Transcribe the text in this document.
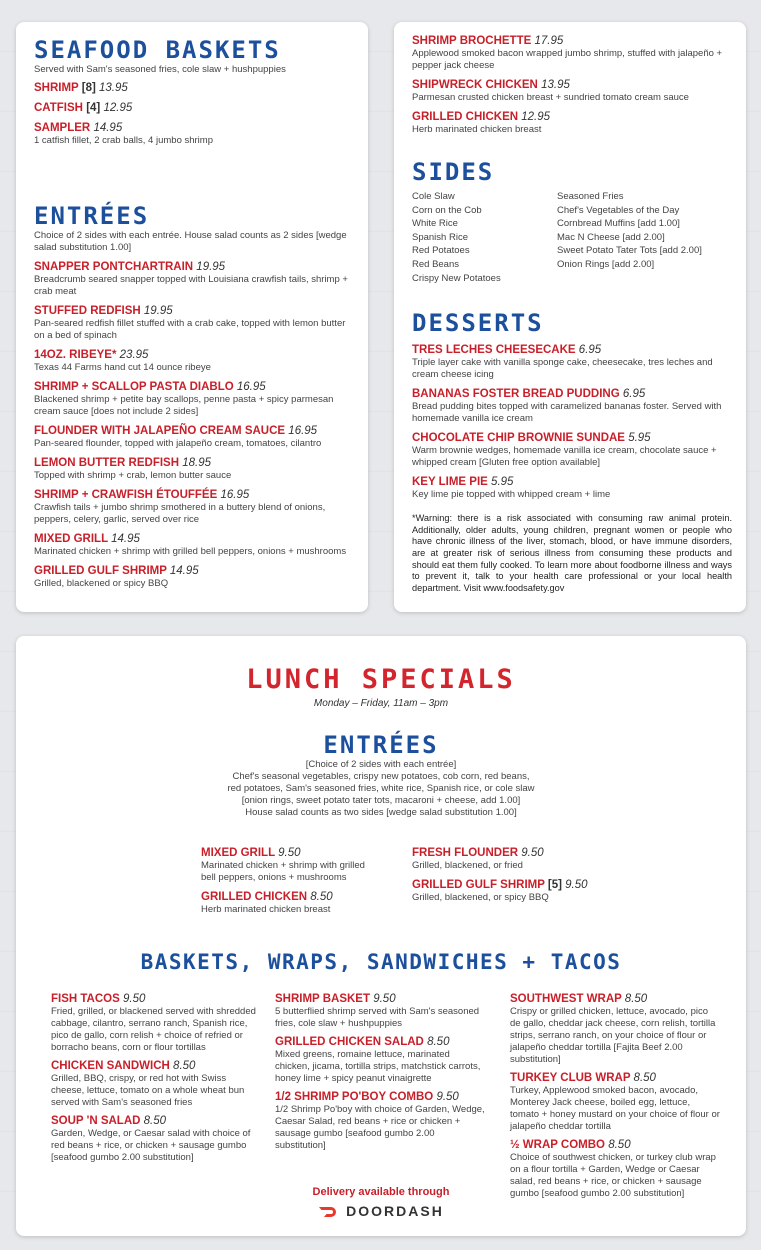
SEAFOOD BASKETS
Served with Sam's seasoned fries, cole slaw + hushpuppies
SHRIMP [8] 13.95
CATFISH [4] 12.95
SAMPLER 14.95
1 catfish fillet, 2 crab balls, 4 jumbo shrimp
ENTRÉES
Choice of 2 sides with each entrée. House salad counts as 2 sides [wedge salad substitution 1.00]
SNAPPER PONTCHARTRAIN 19.95
Breadcrumb seared snapper topped with Louisiana crawfish tails, shrimp + crab meat
STUFFED REDFISH 19.95
Pan-seared redfish fillet stuffed with a crab cake, topped with lemon butter on a bed of spinach
14OZ. RIBEYE* 23.95
Texas 44 Farms hand cut 14 ounce ribeye
SHRIMP + SCALLOP PASTA DIABLO 16.95
Blackened shrimp + petite bay scallops, penne pasta + spicy parmesan cream sauce [does not include 2 sides]
FLOUNDER WITH JALAPEÑO CREAM SAUCE 16.95
Pan-seared flounder, topped with jalapeño cream, tomatoes, cilantro
LEMON BUTTER REDFISH 18.95
Topped with shrimp + crab, lemon butter sauce
SHRIMP + CRAWFISH ÉTOUFFÉE 16.95
Crawfish tails + jumbo shrimp smothered in a buttery blend of onions, peppers, celery, garlic, served over rice
MIXED GRILL 14.95
Marinated chicken + shrimp with grilled bell peppers, onions + mushrooms
GRILLED GULF SHRIMP 14.95
Grilled, blackened or spicy BBQ
SHRIMP BROCHETTE 17.95
Applewood smoked bacon wrapped jumbo shrimp, stuffed with jalapeño + pepper jack cheese
SHIPWRECK CHICKEN 13.95
Parmesan crusted chicken breast + sundried tomato cream sauce
GRILLED CHICKEN 12.95
Herb marinated chicken breast
SIDES
Cole Slaw
Corn on the Cob
White Rice
Spanish Rice
Red Potatoes
Red Beans
Crispy New Potatoes
Seasoned Fries
Chef's Vegetables of the Day
Cornbread Muffins [add 1.00]
Mac N Cheese [add 2.00]
Sweet Potato Tater Tots [add 2.00]
Onion Rings [add 2.00]
DESSERTS
TRES LECHES CHEESECAKE 6.95
Triple layer cake with vanilla sponge cake, cheesecake, tres leches and cream cheese icing
BANANAS FOSTER BREAD PUDDING 6.95
Bread pudding bites topped with caramelized bananas foster. Served with homemade vanilla ice cream
CHOCOLATE CHIP BROWNIE SUNDAE 5.95
Warm brownie wedges, homemade vanilla ice cream, chocolate sauce + whipped cream [Gluten free option available]
KEY LIME PIE 5.95
Key lime pie topped with whipped cream + lime
*Warning: there is a risk associated with consuming raw animal protein. Additionally, older adults, young children, pregnant women or people who have chronic illness of the liver, stomach, blood, or have immune disorders, are at greater risk of serious illness from consuming these products and should eat them fully cooked. To learn more about foodborne illness and ways to prevent it, talk to your health care professional or your local health department. Visit www.foodsafety.gov
LUNCH SPECIALS
Monday – Friday, 11am – 3pm
ENTRÉES
[Choice of 2 sides with each entrée]
Chef's seasonal vegetables, crispy new potatoes, cob corn, red beans,
red potatoes, Sam's seasoned fries, white rice, Spanish rice, or cole slaw
[onion rings, sweet potato tater tots, macaroni + cheese, add 1.00]
House salad counts as two sides [wedge salad substitution 1.00]
MIXED GRILL 9.50
Marinated chicken + shrimp with grilled bell peppers, onions + mushrooms
GRILLED CHICKEN 8.50
Herb marinated chicken breast
FRESH FLOUNDER 9.50
Grilled, blackened, or fried
GRILLED GULF SHRIMP [5] 9.50
Grilled, blackened, or spicy BBQ
BASKETS, WRAPS, SANDWICHES + TACOS
FISH TACOS 9.50
Fried, grilled, or blackened served with shredded cabbage, cilantro, serrano ranch, Spanish rice, pico de gallo, corn relish + choice of refried or borracho beans, corn or flour tortillas
CHICKEN SANDWICH 8.50
Grilled, BBQ, crispy, or red hot with Swiss cheese, lettuce, tomato on a whole wheat bun served with Sam's seasoned fries
SOUP 'N SALAD 8.50
Garden, Wedge, or Caesar salad with choice of red beans + rice, or chicken + sausage gumbo [seafood gumbo 2.00 substitution]
SHRIMP BASKET 9.50
5 butterflied shrimp served with Sam's seasoned fries, cole slaw + hushpuppies
GRILLED CHICKEN SALAD 8.50
Mixed greens, romaine lettuce, marinated chicken, jicama, tortilla strips, matchstick carrots, honey lime + spicy peanut vinaigrette
1/2 SHRIMP PO'BOY COMBO 9.50
1/2 Shrimp Po'boy with choice of Garden, Wedge, Caesar Salad, red beans + rice or chicken + sausage gumbo [seafood gumbo 2.00 substitution]
SOUTHWEST WRAP 8.50
Crispy or grilled chicken, lettuce, avocado, pico de gallo, cheddar jack cheese, corn relish, tortilla strips, serrano ranch, on your choice of flour or jalapeño cheddar tortilla [Fajita Beef 2.00 substitution]
TURKEY CLUB WRAP 8.50
Turkey, Applewood smoked bacon, avocado, Monterey Jack cheese, boiled egg, lettuce, tomato + honey mustard on your choice of flour or jalapeño cheddar tortilla
½ WRAP COMBO 8.50
Choice of southwest chicken, or turkey club wrap on a flour tortilla + Garden, Wedge or Caesar salad, red beans + rice, or chicken + sausage gumbo [seafood gumbo 2.00 substitution]
Delivery available through
DOORDASH
